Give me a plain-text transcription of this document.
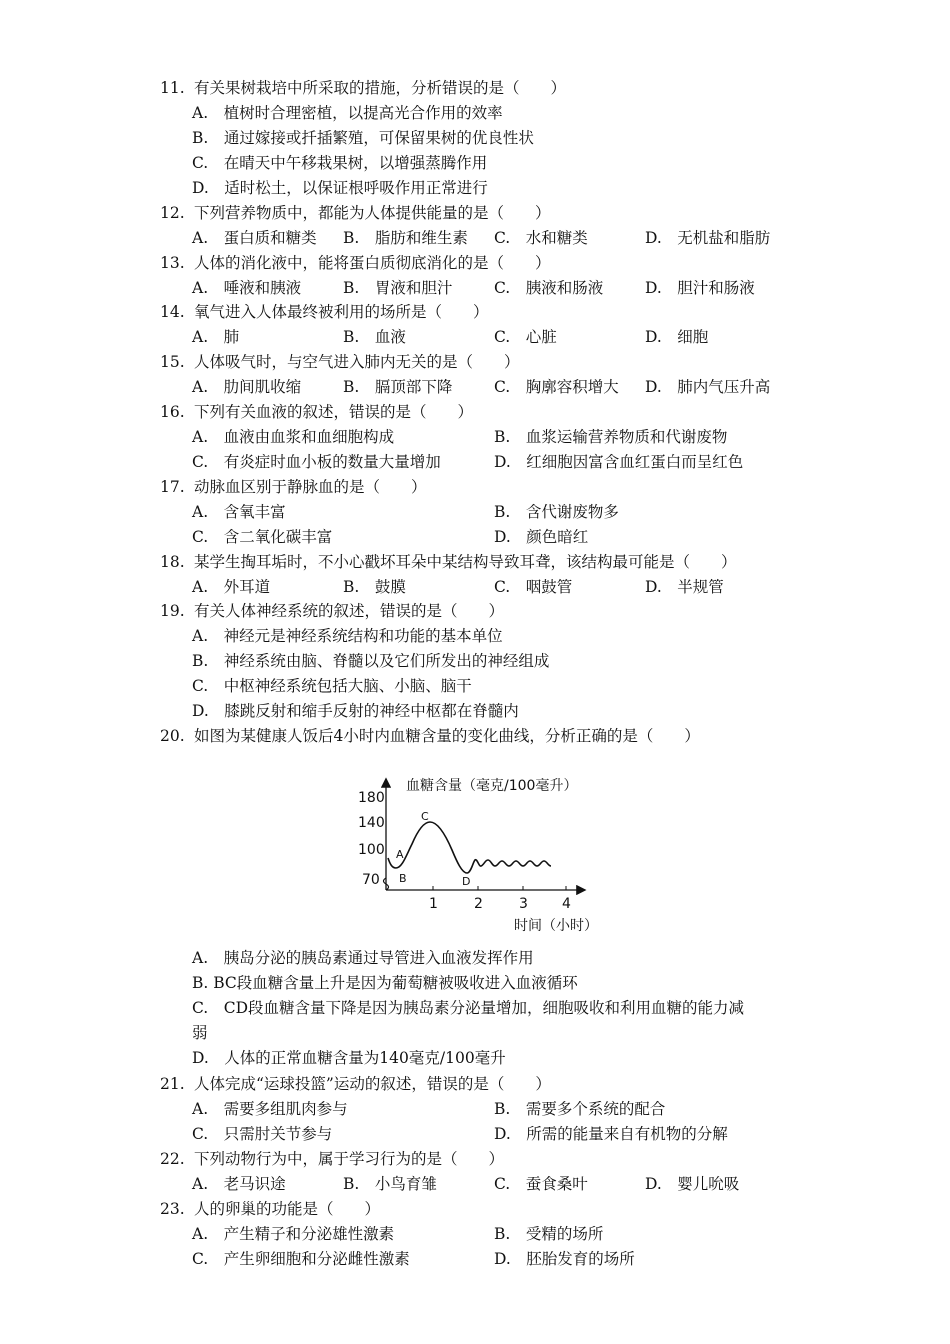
11. 有关果树栽培中所采取的措施，分析错误的是（　　）
A.　植树时合理密植，以提高光合作用的效率
B.　通过嫁接或扦插繁殖，可保留果树的优良性状
C.　在晴天中午移栽果树，以增强蒸腾作用
D.　适时松土，以保证根呼吸作用正常进行
12. 下列营养物质中，都能为人体提供能量的是（　　）
A.　蛋白质和糖类 B.　脂肪和维生素 C.　水和糖类	D.　无机盐和脂肪
13. 人体的消化液中，能将蛋白质彻底消化的是（　　）
A.　唾液和胰液	B.　胃液和胆汁	C.　胰液和肠液	D.　胆汁和肠液
14. 氧气进入人体最终被利用的场所是（　　）
A.　肺	B.　血液	C.　心脏	D.　细胞
15. 人体吸气时，与空气进入肺内无关的是（　　）
A.　肋间肌收缩	B.　膈顶部下降	C.　胸廓容积增大 D.　肺内气压升高
16. 下列有关血液的叙述，错误的是（　　）
A.　血液由血浆和血细胞构成	B.　血浆运输营养物质和代谢废物
C.　有炎症时血小板的数量大量增加	D.　红细胞因富含血红蛋白而呈红色
17. 动脉血区别于静脉血的是（　　）
A.　含氧丰富	B.　含代谢废物多
C.　含二氧化碳丰富	D.　颜色暗红
18. 某学生掏耳垢时，不小心戳坏耳朵中某结构导致耳聋，该结构最可能是（　　）
A.　外耳道	B.　鼓膜	C.　咽鼓管	D.　半规管
19. 有关人体神经系统的叙述，错误的是（　　）
A.　神经元是神经系统结构和功能的基本单位
B.　神经系统由脑、脊髓以及它们所发出的神经组成
C.　中枢神经系统包括大脑、小脑、脑干
D.　膝跳反射和缩手反射的神经中枢都在脊髓内
20. 如图为某健康人饭后4小时内血糖含量的变化曲线，分析正确的是（　　）
180
140
100
70
血糖含量（毫克/100毫升）
1	2	3 4
时间（小时）
A
B
C
D
A.　胰岛分泌的胰岛素通过导管进入血液发挥作用
B. BC段血糖含量上升是因为葡萄糖被吸收进入血液循环
C.　CD段血糖含量下降是因为胰岛素分泌量增加，细胞吸收和利用血糖的能力减
弱
D.　人体的正常血糖含量为140毫克/100毫升
21. 人体完成“运球投篮”运动的叙述，错误的是（　　）
A.　需要多组肌肉参与	B.　需要多个系统的配合
C.　只需肘关节参与	D.　所需的能量来自有机物的分解
22. 下列动物行为中，属于学习行为的是（　　）
A.　老马识途	B.　小鸟育雏	C.　蚕食桑叶	D.　婴儿吮吸
23. 人的卵巢的功能是（　　）
A.　产生精子和分泌雄性激素	B.　受精的场所
C.　产生卵细胞和分泌雌性激素	D.　胚胎发育的场所
